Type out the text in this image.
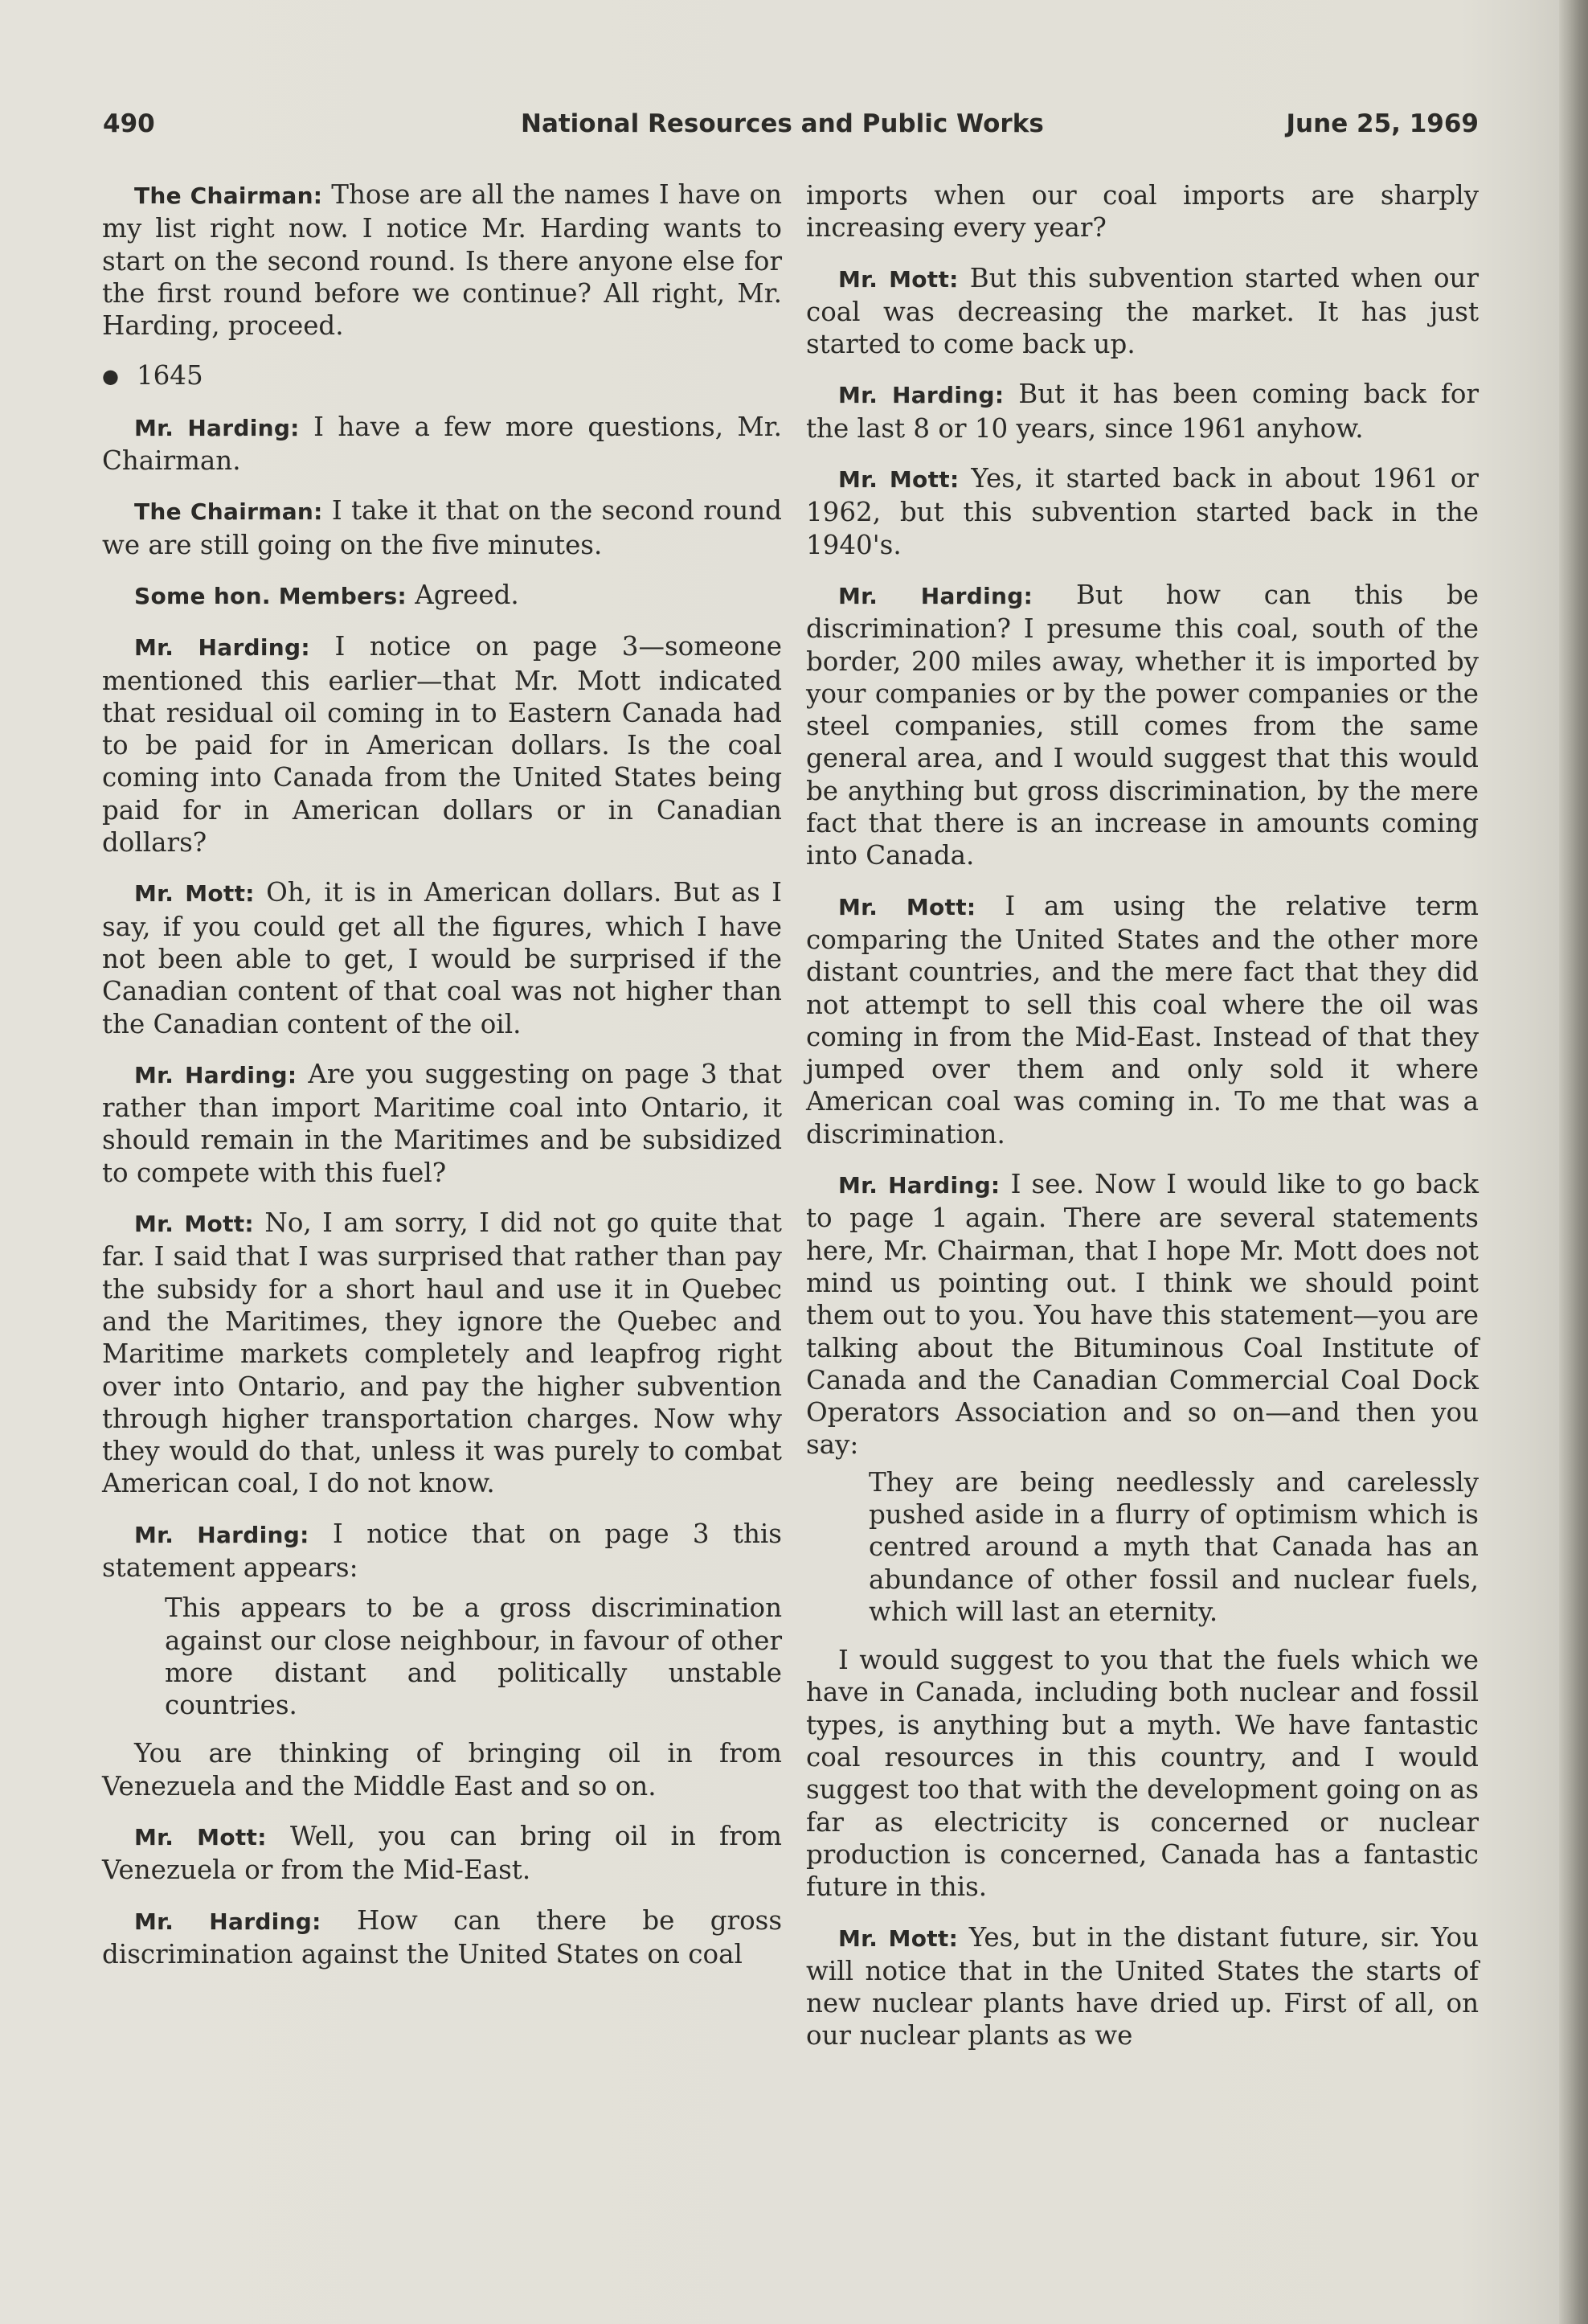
490	National Resources and Public Works	June 25, 1969

The Chairman: Those are all the names I have on my list right now. I notice Mr. Harding wants to start on the second round. Is there anyone else for the first round before we continue? All right, Mr. Harding, proceed.

● 1645

Mr. Harding: I have a few more questions, Mr. Chairman.

The Chairman: I take it that on the second round we are still going on the five minutes.

Some hon. Members: Agreed.

Mr. Harding: I notice on page 3—someone mentioned this earlier—that Mr. Mott indicated that residual oil coming in to Eastern Canada had to be paid for in American dollars. Is the coal coming into Canada from the United States being paid for in American dollars or in Canadian dollars?

Mr. Mott: Oh, it is in American dollars. But as I say, if you could get all the figures, which I have not been able to get, I would be surprised if the Canadian content of that coal was not higher than the Canadian content of the oil.

Mr. Harding: Are you suggesting on page 3 that rather than import Maritime coal into Ontario, it should remain in the Maritimes and be subsidized to compete with this fuel?

Mr. Mott: No, I am sorry, I did not go quite that far. I said that I was surprised that rather than pay the subsidy for a short haul and use it in Quebec and the Maritimes, they ignore the Quebec and Maritime markets completely and leapfrog right over into Ontario, and pay the higher subvention through higher transportation charges. Now why they would do that, unless it was purely to combat American coal, I do not know.

Mr. Harding: I notice that on page 3 this statement appears:

This appears to be a gross discrimination against our close neighbour, in favour of other more distant and politically unstable countries.

You are thinking of bringing oil in from Venezuela and the Middle East and so on.

Mr. Mott: Well, you can bring oil in from Venezuela or from the Mid-East.

Mr. Harding: How can there be gross discrimination against the United States on coal

imports when our coal imports are sharply increasing every year?

Mr. Mott: But this subvention started when our coal was decreasing the market. It has just started to come back up.

Mr. Harding: But it has been coming back for the last 8 or 10 years, since 1961 anyhow.

Mr. Mott: Yes, it started back in about 1961 or 1962, but this subvention started back in the 1940's.

Mr. Harding: But how can this be discrimination? I presume this coal, south of the border, 200 miles away, whether it is imported by your companies or by the power companies or the steel companies, still comes from the same general area, and I would suggest that this would be anything but gross discrimination, by the mere fact that there is an increase in amounts coming into Canada.

Mr. Mott: I am using the relative term comparing the United States and the other more distant countries, and the mere fact that they did not attempt to sell this coal where the oil was coming in from the Mid-East. Instead of that they jumped over them and only sold it where American coal was coming in. To me that was a discrimination.

Mr. Harding: I see. Now I would like to go back to page 1 again. There are several statements here, Mr. Chairman, that I hope Mr. Mott does not mind us pointing out. I think we should point them out to you. You have this statement—you are talking about the Bituminous Coal Institute of Canada and the Canadian Commercial Coal Dock Operators Association and so on—and then you say:

They are being needlessly and carelessly pushed aside in a flurry of optimism which is centred around a myth that Canada has an abundance of other fossil and nuclear fuels, which will last an eternity.

I would suggest to you that the fuels which we have in Canada, including both nuclear and fossil types, is anything but a myth. We have fantastic coal resources in this country, and I would suggest too that with the development going on as far as electricity is concerned or nuclear production is concerned, Canada has a fantastic future in this.

Mr. Mott: Yes, but in the distant future, sir. You will notice that in the United States the starts of new nuclear plants have dried up. First of all, on our nuclear plants as we
